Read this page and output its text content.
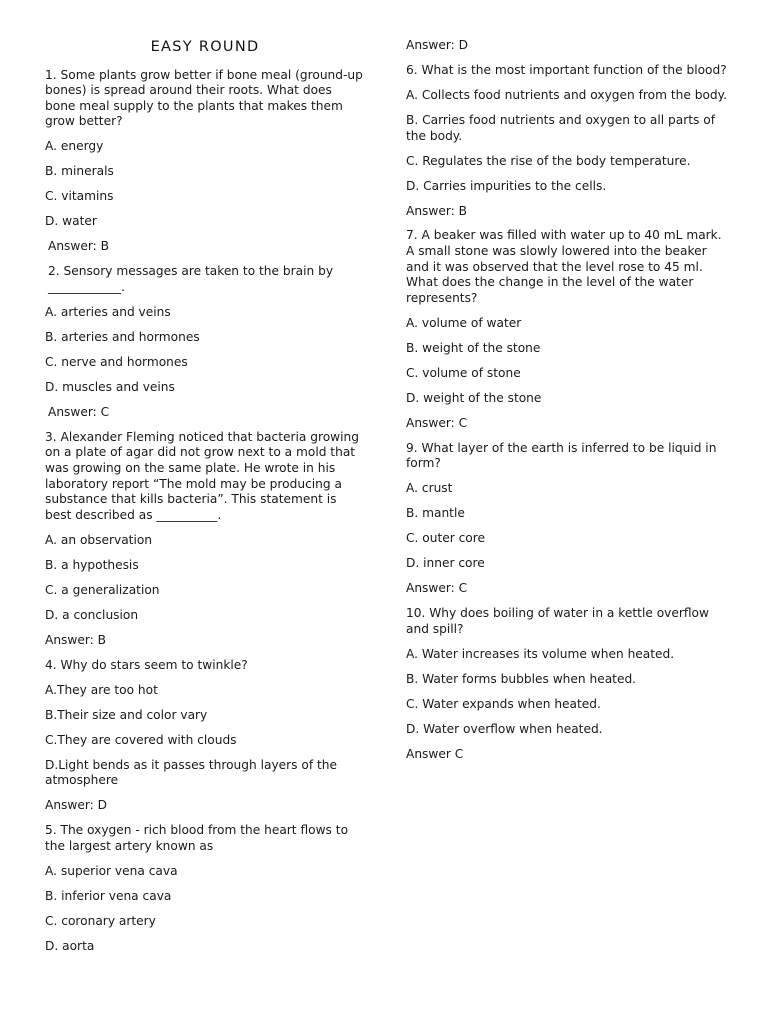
EASY ROUND

1. Some plants grow better if bone meal (ground-up bones) is spread around their roots. What does bone meal supply to the plants that makes them grow better?

A. energy

B. minerals

C. vitamins

D. water

Answer: B

2. Sensory messages are taken to the brain by ____________.

A. arteries and veins

B. arteries and hormones

C. nerve and hormones

D. muscles and veins

Answer: C

3. Alexander Fleming noticed that bacteria growing on a plate of agar did not grow next to a mold that was growing on the same plate. He wrote in his laboratory report “The mold may be producing a substance that kills bacteria”. This statement is best described as __________.

A. an observation

B. a hypothesis

C. a generalization

D. a conclusion

Answer: B

4. Why do stars seem to twinkle?

A.They are too hot

B.Their size and color vary

C.They are covered with clouds

D.Light bends as it passes through layers of the atmosphere

Answer: D

5. The oxygen - rich blood from the heart flows to the largest artery known as

A. superior vena cava

B. inferior vena cava

C. coronary artery

D. aorta

Answer: D

6. What is the most important function of the blood?

A. Collects food nutrients and oxygen from the body.

B. Carries food nutrients and oxygen to all parts of the body.

C. Regulates the rise of the body temperature.

D. Carries impurities to the cells.

Answer: B

7. A beaker was filled with water up to 40 mL mark. A small stone was slowly lowered into the beaker and it was observed that the level rose to 45 ml. What does the change in the level of the water represents?

A. volume of water

B. weight of the stone

C. volume of stone

D. weight of the stone

Answer: C

9. What layer of the earth is inferred to be liquid in form?

A. crust

B. mantle

C. outer core

D. inner core

Answer: C

10. Why does boiling of water in a kettle overflow and spill?

A. Water increases its volume when heated.

B. Water forms bubbles when heated.

C. Water expands when heated.

D. Water overflow when heated.

Answer C
